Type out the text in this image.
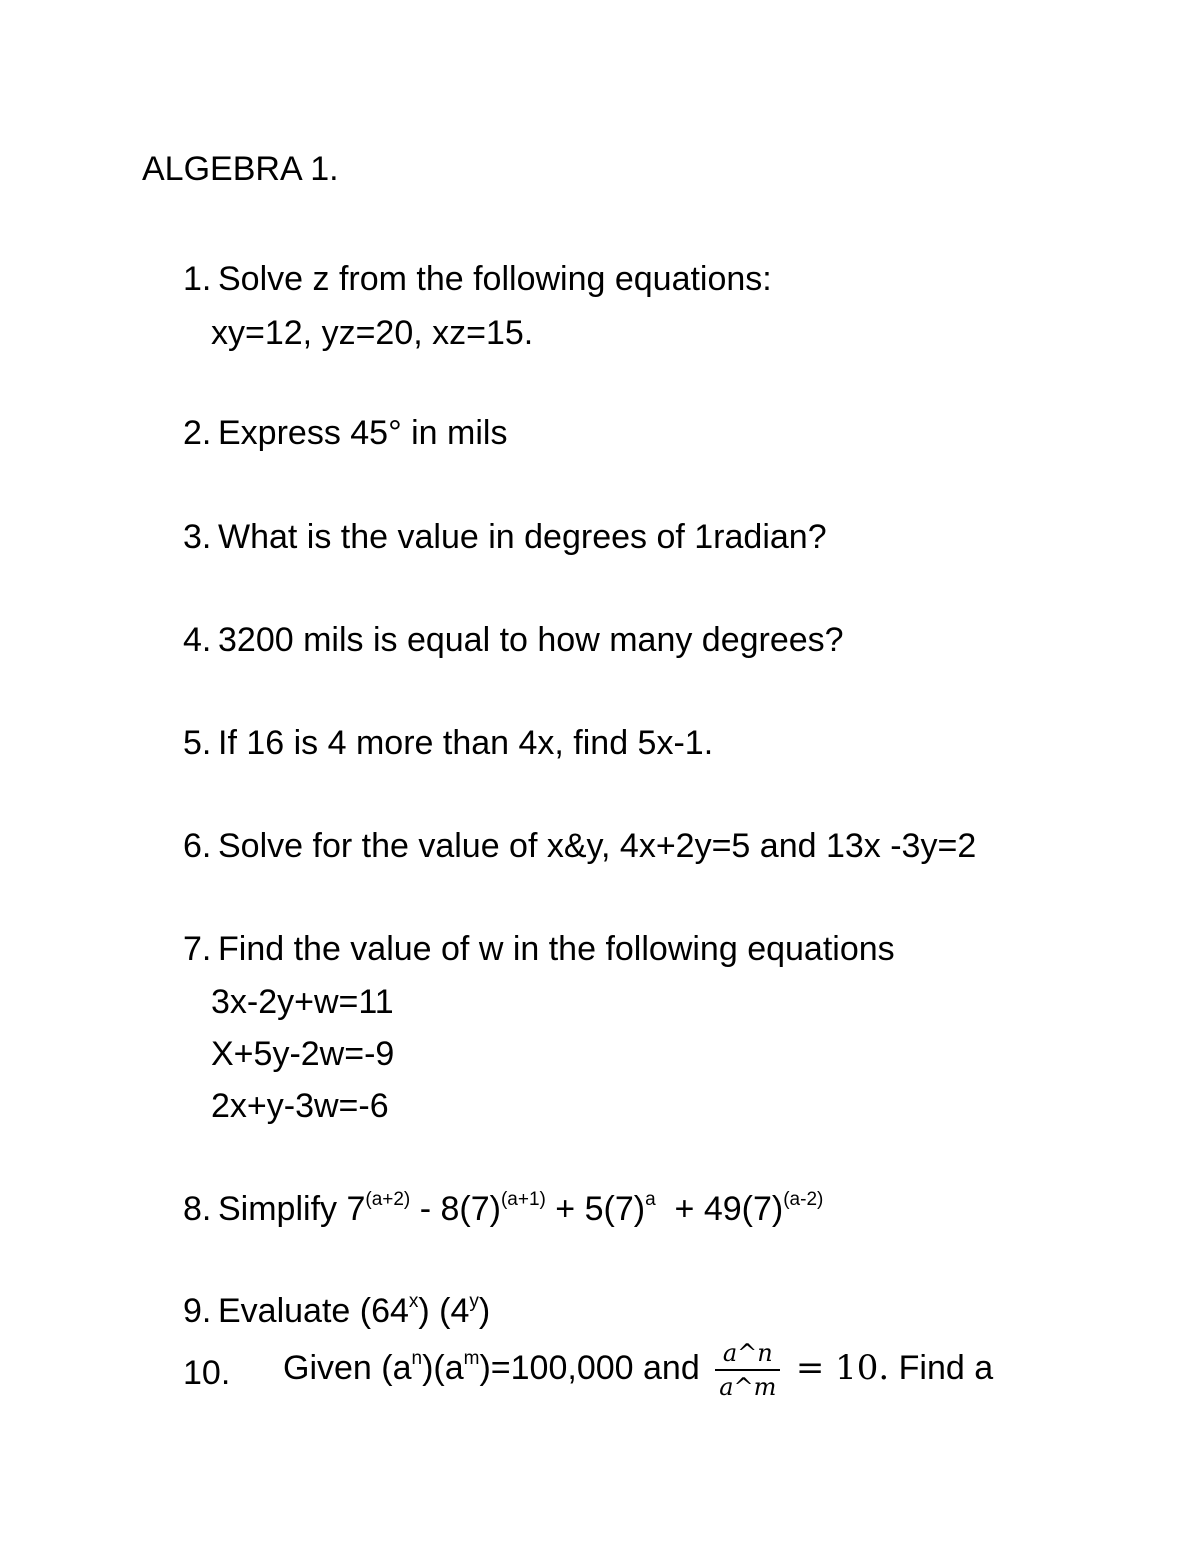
ALGEBRA 1.
1. Solve z from the following equations:
xy=12, yz=20, xz=15.
2. Express 45° in mils
3. What is the value in degrees of 1radian?
4. 3200 mils is equal to how many degrees?
5. If 16 is 4 more than 4x, find 5x-1.
6. Solve for the value of x&y, 4x+2y=5 and 13x -3y=2
7. Find the value of w in the following equations
3x-2y+w=11
X+5y-2w=-9
2x+y-3w=-6
8. Simplify $7^{(a+2)} - 8(7)^{(a+1)} + 5(7)^a + 49(7)^{(a-2)}$
9. Evaluate (64$^x$) (4$^y$)
10. Given $(a^n)(a^m)=100,000$ and $\frac{a\^{}n}{a\^{}m} = 10$. Find a
